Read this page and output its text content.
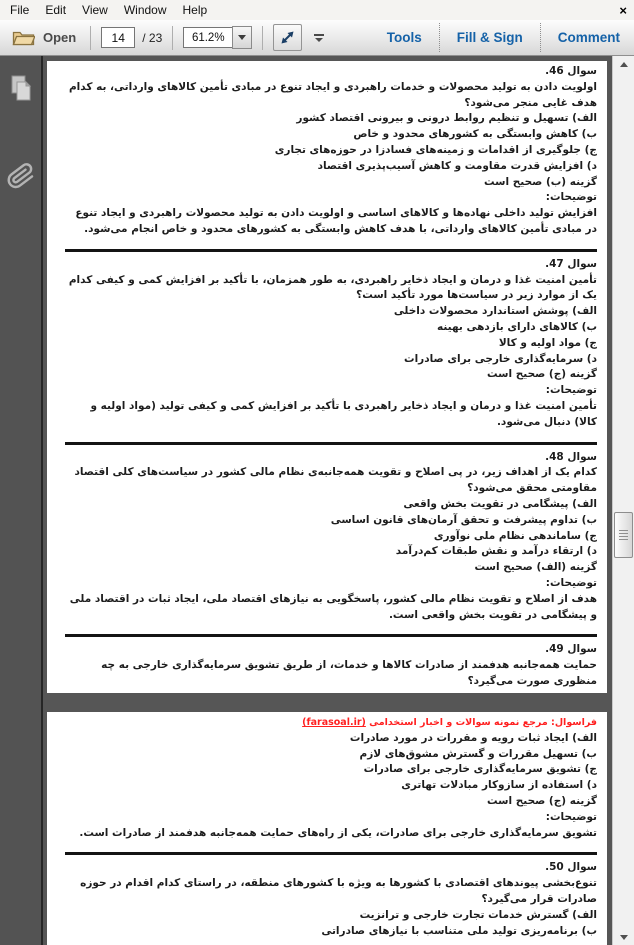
File	Edit	View	Window	Help	×
Open
14	/ 23	61.2%	Tools	Fill & Sign	Comment

سوال 46.

اولویت دادن به تولید محصولات و خدمات راهبردی و ایجاد تنوع در مبادی تأمین کالاهای وارداتی، به کدام هدف غایی منجر می‌شود؟

الف) تسهیل و تنظیم روابط درونی و بیرونی اقتصاد کشور

ب) کاهش وابستگی به کشورهای محدود و خاص

ج) جلوگیری از اقدامات و زمینه‌های فسادزا در حوزه‌های تجاری

د) افزایش قدرت مقاومت و کاهش آسیب‌پذیری اقتصاد

گزینه (ب) صحیح است

توضیحات:

افزایش تولید داخلی نهاده‌ها و کالاهای اساسی و اولویت دادن به تولید محصولات راهبردی و ایجاد تنوع در مبادی تأمین کالاهای وارداتی، با هدف کاهش وابستگی به کشورهای محدود و خاص انجام می‌شود.

سوال 47.

تأمین امنیت غذا و درمان و ایجاد ذخایر راهبردی، به طور همزمان، با تأکید بر افزایش کمی و کیفی کدام یک از موارد زیر در سیاست‌ها مورد تأکید است؟

الف) پوشش استاندارد محصولات داخلی

ب) کالاهای دارای بازدهی بهینه

ج) مواد اولیه و کالا

د) سرمایه‌گذاری خارجی برای صادرات

گزینه (ج) صحیح است

توضیحات:

تأمین امنیت غذا و درمان و ایجاد ذخایر راهبردی با تأکید بر افزایش کمی و کیفی تولید (مواد اولیه و کالا) دنبال می‌شود.

سوال 48.

کدام یک از اهداف زیر، در پی اصلاح و تقویت همه‌جانبه‌ی نظام مالی کشور در سیاست‌های کلی اقتصاد مقاومتی محقق می‌شود؟

الف) پیشگامی در تقویت بخش واقعی

ب) تداوم پیشرفت و تحقق آرمان‌های قانون اساسی

ج) ساماندهی نظام ملی نوآوری

د) ارتقاء درآمد و نقش طبقات کم‌درآمد

گزینه (الف) صحیح است

توضیحات:

هدف از اصلاح و تقویت نظام مالی کشور، پاسخگویی به نیازهای اقتصاد ملی، ایجاد ثبات در اقتصاد ملی و پیشگامی در تقویت بخش واقعی است.

سوال 49.

حمایت همه‌جانبه هدفمند از صادرات کالاها و خدمات، از طریق تشویق سرمایه‌گذاری خارجی به چه منظوری صورت می‌گیرد؟

فراسوال: مرجع نمونه سوالات و اخبار استخدامی (farasoal.ir)

الف) ایجاد ثبات رویه و مقررات در مورد صادرات

ب) تسهیل مقررات و گسترش مشوق‌های لازم

ج) تشویق سرمایه‌گذاری خارجی برای صادرات

د) استفاده از سازوکار مبادلات تهاتری

گزینه (ج) صحیح است

توضیحات:

تشویق سرمایه‌گذاری خارجی برای صادرات، یکی از راه‌های حمایت همه‌جانبه هدفمند از صادرات است.

سوال 50.

تنوع‌بخشی پیوندهای اقتصادی با کشورها به ویژه با کشورهای منطقه، در راستای کدام اقدام در حوزه صادرات قرار می‌گیرد؟

الف) گسترش خدمات تجارت خارجی و ترانزیت

ب) برنامه‌ریزی تولید ملی متناسب با نیازهای صادراتی
